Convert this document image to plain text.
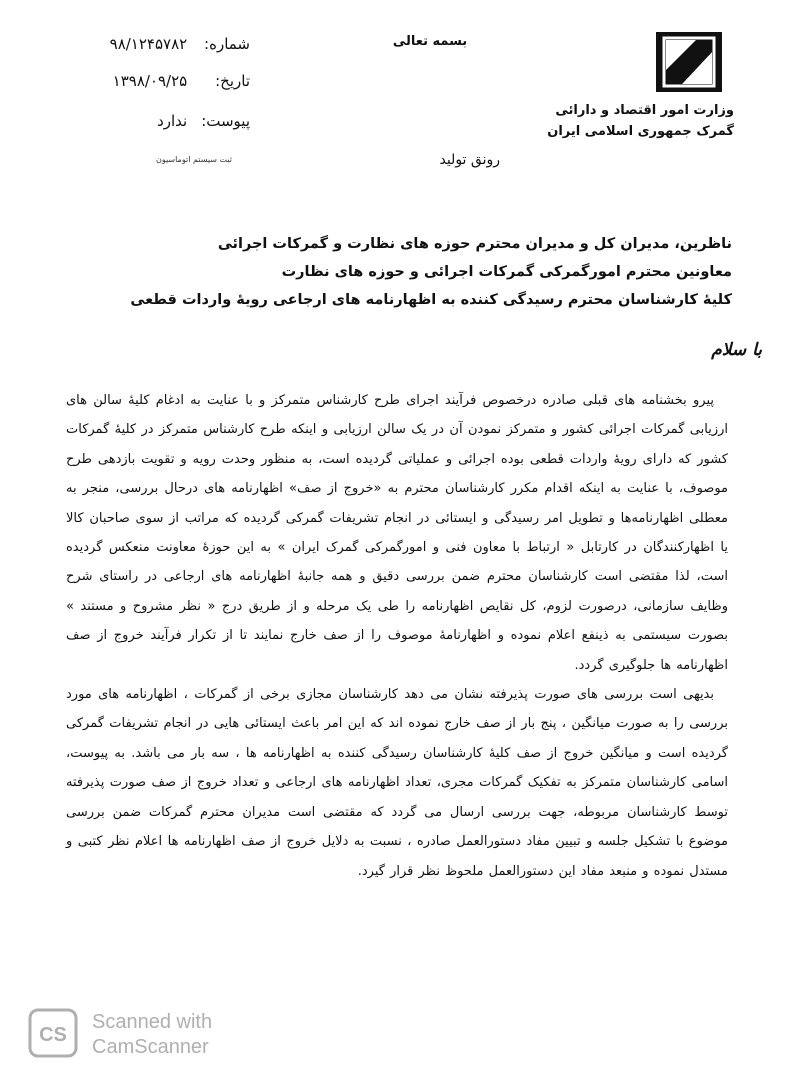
وزارت امور اقتصاد و دارائی
گمرک جمهوری اسلامی ایران
بسمه تعالی
شماره: ۹۸/۱۲۴۵۷۸۲
تاریخ: ۱۳۹۸/۰۹/۲۵
پیوست: ندارد
ثبت سیستم اتوماسیون	رونق تولید
ناظرین، مدیران کل و مدیران محترم حوزه های نظارت و گمرکات اجرائی
معاونین محترم امورگمرکی گمرکات اجرائی و حوزه های نظارت
کلیهٔ کارشناسان محترم رسیدگی کننده به اظهارنامه های ارجاعی رویهٔ واردات قطعی
با سلام

پیرو بخشنامه های قبلی صادره درخصوص فرآیند اجرای طرح کارشناس متمرکز و با عنایت به ادغام کلیهٔ سالن های ارزیابی گمرکات اجرائی کشور و متمرکز نمودن آن در یک سالن ارزیابی و اینکه طرح کارشناس متمرکز در کلیهٔ گمرکات کشور که دارای رویهٔ واردات قطعی بوده اجرائی و عملیاتی گردیده است، به منظور وحدت رویه و تقویت بازدهی طرح موصوف، با عنایت به اینکه اقدام مکرر کارشناسان محترم به «خروج از صف» اظهارنامه های درحال بررسی، منجر به معطلی اظهارنامه‌ها و تطویل امر رسیدگی و ایستائی در انجام تشریفات گمرکی گردیده که مراتب از سوی صاحبان کالا یا اظهارکنندگان در کارتابل « ارتباط با معاون فنی و امورگمرکی گمرک ایران » به این حوزهٔ معاونت منعکس گردیده است، لذا مقتضی است کارشناسان محترم ضمن بررسی دقیق و همه جانبهٔ اظهارنامه های ارجاعی در راستای شرح وظایف سازمانی، درصورت لزوم، کل نقایص اظهارنامه را طی یک مرحله و از طریق درج « نظر مشروح و مستند » بصورت سیستمی به ذینفع اعلام نموده و اظهارنامهٔ موصوف را از صف خارج نمایند تا از تکرار فرآیند خروج از صف اظهارنامه ها جلوگیری گردد.

بدیهی است بررسی های صورت پذیرفته نشان می دهد کارشناسان مجازی برخی از گمرکات ، اظهارنامه های مورد بررسی را به صورت میانگین ، پنج بار از صف خارج نموده اند که این امر باعث ایستائی هایی در انجام تشریفات گمرکی گردیده است و میانگین خروج از صف کلیهٔ کارشناسان رسیدگی کننده به اظهارنامه ها ، سه بار می باشد. به پیوست، اسامی کارشناسان متمرکز به تفکیک گمرکات مجری، تعداد اظهارنامه های ارجاعی و تعداد خروج از صف صورت پذیرفته توسط کارشناسان مربوطه، جهت بررسی ارسال می گردد که مقتضی است مدیران محترم گمرکات ضمن بررسی موضوع با تشکیل جلسه و تبیین مفاد دستورالعمل صادره ، نسبت به دلایل خروج از صف اظهارنامه ها اعلام نظر کتبی و مستدل نموده و منبعد مفاد این دستورالعمل ملحوظ نظر قرار گیرد.

CS
Scanned with
CamScanner
